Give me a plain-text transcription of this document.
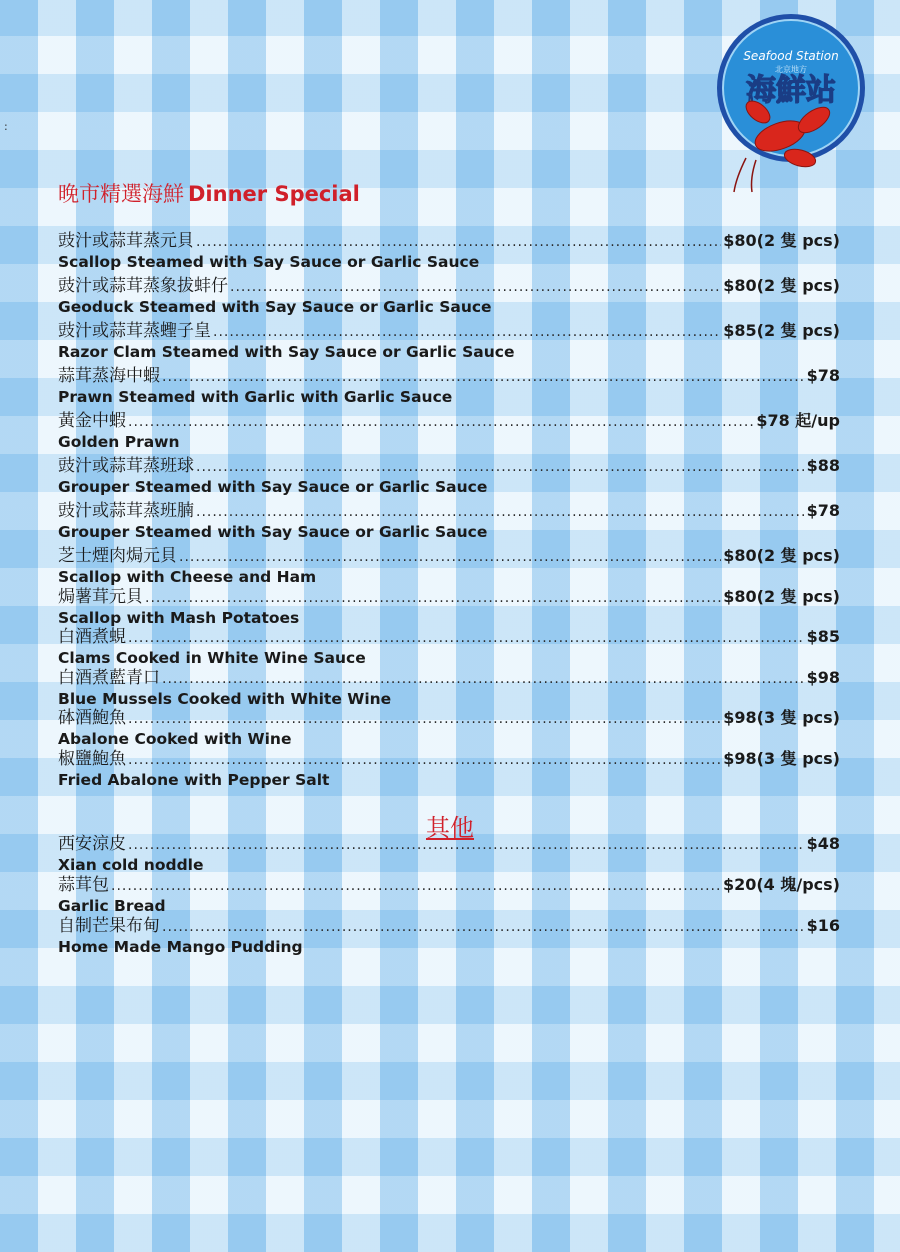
:
Seafood Station
北京地方
海鮮站
晚市精選海鮮 Dinner Special
豉汁或蒜茸蒸元貝 .....	$80(2 隻 pcs)
Scallop Steamed with Say Sauce or Garlic Sauce
豉汁或蒜茸蒸象拔蚌仔 .....	$80(2 隻 pcs)
Geoduck Steamed with Say Sauce or Garlic Sauce
豉汁或蒜茸蒸蟶子皇 .....	$85(2 隻 pcs)
Razor Clam Steamed with Say Sauce or Garlic Sauce
蒜茸蒸海中蝦 .....	$78
Prawn Steamed with Garlic with Garlic Sauce
黃金中蝦 .....	$78 起/up
Golden Prawn
豉汁或蒜茸蒸班球 .....	$88
Grouper Steamed with Say Sauce or Garlic Sauce
豉汁或蒜茸蒸班腩 .....	$78
Grouper Steamed with Say Sauce or Garlic Sauce
芝士煙肉焗元貝 .....	$80(2 隻 pcs)
Scallop with Cheese and Ham
焗薯茸元貝 .....	$80(2 隻 pcs)
Scallop with Mash Potatoes
白酒煮蜆 .....	$85
Clams Cooked in White Wine Sauce
白酒煮藍青口 .....	$98
Blue Mussels Cooked with White Wine
砵酒鮑魚 .....	$98(3 隻 pcs)
Abalone Cooked with Wine
椒鹽鮑魚 .....	$98(3 隻 pcs)
Fried Abalone with Pepper Salt
其他
西安涼皮 .....	$48
Xian cold noddle
蒜茸包 .....	$20(4 塊/pcs)
Garlic Bread
自制芒果布甸 .....	$16
Home Made Mango Pudding
